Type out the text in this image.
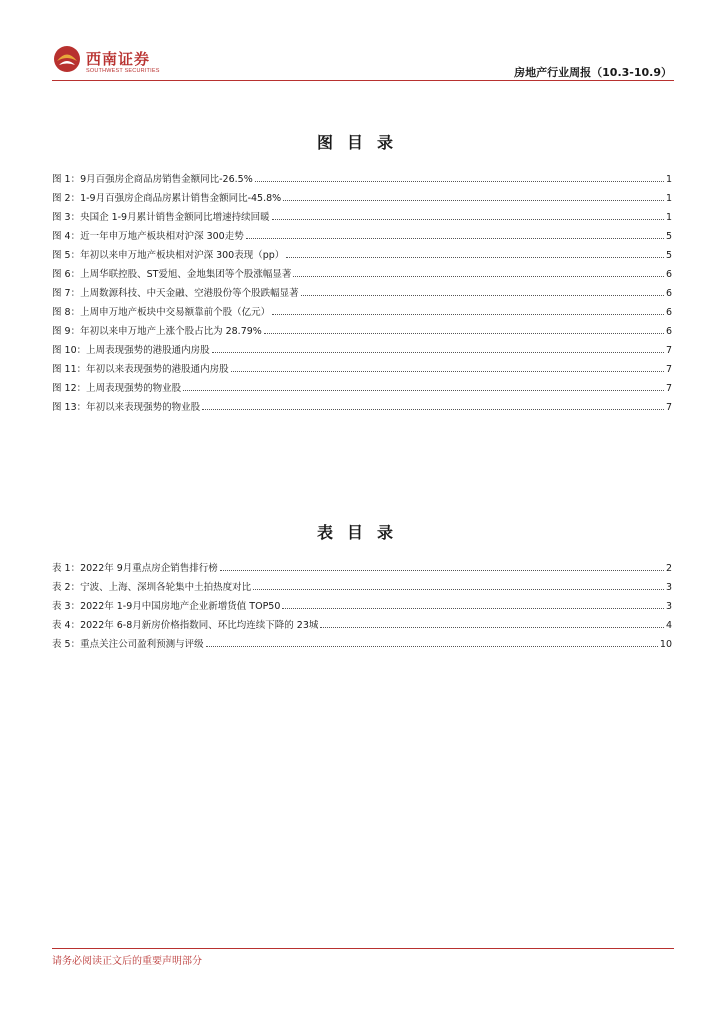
西南证券
SOUTHWEST SECURITIES	房地产行业周报（10.3-10.9）
图目录
图 1：9月百强房企商品房销售金额同比-26.5%	1
图 2：1-9月百强房企商品房累计销售金额同比-45.8%	1
图 3：央国企 1-9月累计销售金额同比增速持续回暖	1
图 4：近一年申万地产板块相对沪深 300走势	5
图 5：年初以来申万地产板块相对沪深 300表现（pp）	5
图 6：上周华联控股、ST爱旭、金地集团等个股涨幅显著	6
图 7：上周数源科技、中天金融、空港股份等个股跌幅显著	6
图 8：上周申万地产板块中交易额靠前个股（亿元）	6
图 9：年初以来申万地产上涨个股占比为 28.79%	6
图 10：上周表现强势的港股通内房股	7
图 11：年初以来表现强势的港股通内房股	7
图 12：上周表现强势的物业股	7
图 13：年初以来表现强势的物业股	7
表目录
表 1：2022年 9月重点房企销售排行榜	2
表 2：宁波、上海、深圳各轮集中土拍热度对比	3
表 3：2022年 1-9月中国房地产企业新增货值 TOP50	3
表 4：2022年 6-8月新房价格指数同、环比均连续下降的 23城	4
表 5：重点关注公司盈利预测与评级	10
请务必阅读正文后的重要声明部分
